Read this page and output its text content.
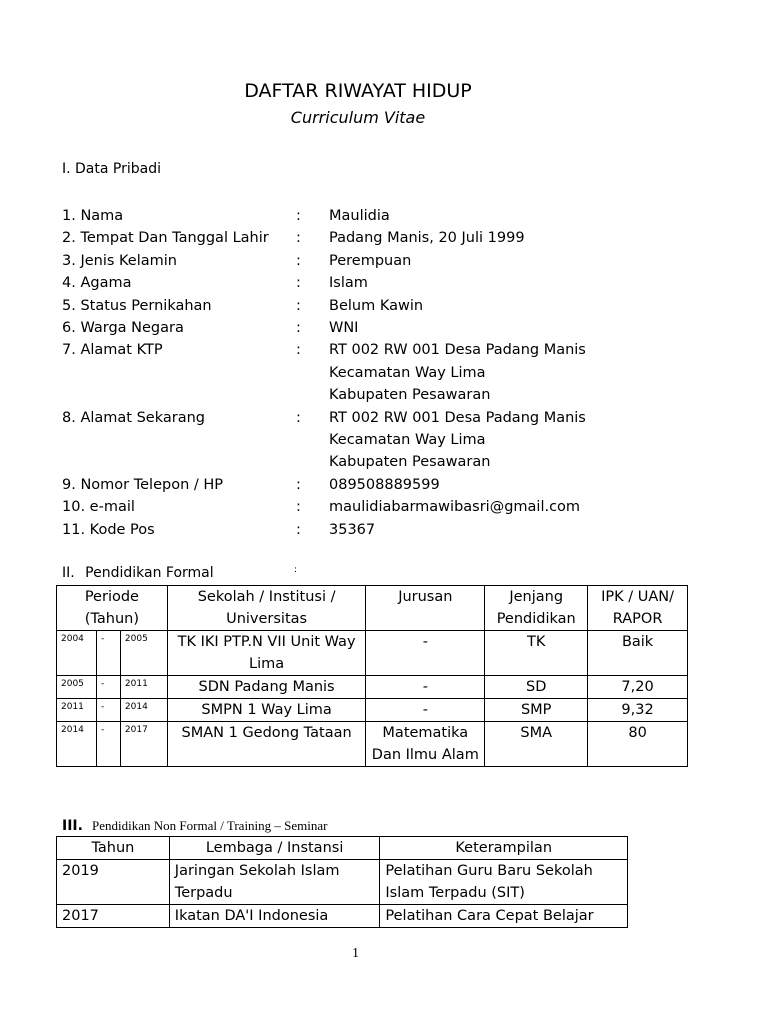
DAFTAR RIWAYAT HIDUP
Curriculum Vitae
I. Data Pribadi
1. Nama	: Maulidia
2. Tempat Dan Tanggal Lahir : Padang Manis, 20 Juli 1999
3. Jenis Kelamin	: Perempuan
4. Agama	: Islam
5. Status Pernikahan	: Belum Kawin
6. Warga Negara	: WNI
7. Alamat KTP	: RT 002 RW 001 Desa Padang Manis
Kecamatan Way Lima
Kabupaten Pesawaran
8. Alamat Sekarang	: RT 002 RW 001 Desa Padang Manis
Kecamatan Way Lima
Kabupaten Pesawaran
9. Nomor Telepon / HP	: 089508889599
10. e-mail	: maulidiabarmawibasri@gmail.com
11. Kode Pos	: 35367
II. Pendidikan Formal	:
Periode (Tahun)			Sekolah / Institusi / Universitas	Jurusan	Jenjang Pendidikan	IPK / UAN/ RAPOR
2004	-	2005	TK IKI PTP.N VII Unit Way Lima	-	TK	Baik
2005	-	2011	SDN Padang Manis	-	SD	7,20
2011	-	2014	SMPN 1 Way Lima	-	SMP	9,32
2014	-	2017	SMAN 1 Gedong Tataan	Matematika Dan Ilmu Alam	SMA	80
III. Pendidikan Non Formal / Training – Seminar
Tahun	Lembaga / Instansi	Keterampilan
2019	Jaringan Sekolah Islam Terpadu	Pelatihan Guru Baru Sekolah Islam Terpadu (SIT)
2017	Ikatan DA'I Indonesia	Pelatihan Cara Cepat Belajar
1
